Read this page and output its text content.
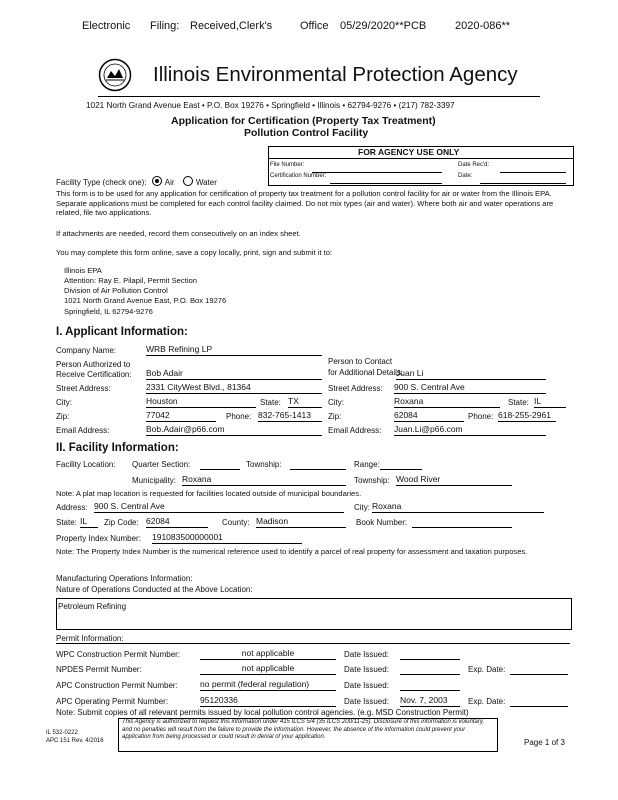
Electronic Filing: Received,Clerk's	Office 05/29/2020**PCB	2020-086**
Illinois Environmental Protection Agency
1021 North Grand Avenue East • P.O. Box 19276 • Springfield • Illinois • 62794-9276 • (217) 782-3397
Application for Certification (Property Tax Treatment)
Pollution Control Facility
FOR AGENCY USE ONLY
File Number:	Date Rec'd:
Certification Number:	Date:
Facility Type (check one): Air	Water
This form is to be used for any application for certification of property tax treatment for a pollution control facility for air or water from the Illinois EPA. Separate applications must be completed for each control facility claimed. Do not mix types (air and water). Where both air and water operations are related, file two applications.
If attachments are needed, record them consecutively on an index sheet.
You may complete this form online, save a copy locally, print, sign and submit it to:
Illinois EPA
Attention: Ray E. Pilapil, Permit Section
Division of Air Pollution Control
1021 North Grand Avenue East, P.O. Box 19276
Springfield, IL 62794-9276
I. Applicant Information:
Company Name:	WRB Refining LP
Person Authorized to
Receive Certification: Bob Adair
Person to Contact
for Additional Details:
Juan Li
Street Address:	2331 CityWest Blvd., 81364	Street Address: 900 S. Central Ave
City:	Houston	State: TX	City:	Roxana	State: IL
Zip:	77042	Phone: 832-765-1413	Zip:	62084	Phone: 618-255-2961
Email Address:	Bob.Adair@p66.com	Email Address: Juan.Li@p66.com
II. Facility Information:
Facility Location: Quarter Section:	Township:	Range:
Municipality: Roxana	Township: Wood River
Note: A plat map location is requested for facilities located outside of municipal boundaries.
Address: 900 S. Central Ave	City: Roxana
State: IL	Zip Code: 62084	County: Madison	Book Number:
Property Index Number: 191083500000001
Note: The Property Index Number is the numerical reference used to identify a parcel of real property for assessment and taxation purposes.
Manufacturing Operations Information:
Nature of Operations Conducted at the Above Location:
Petroleum Refining
Permit Information:
WPC Construction Permit Number:	not applicable	Date Issued:
NPDES Permit Number:	not applicable	Date Issued:	Exp. Date:
APC Construction Permit Number:	no permit (federal regulation)	Date Issued:
APC Operating Permit Number:	95120336	Date Issued: Nov. 7, 2003	Exp. Date:
Note: Submit copies of all relevant permits issued by local pollution control agencies. (e.g. MSD Construction Permit)
IL 532-0222
APC 151 Rev. 4/2016
This Agency is authorized to request this information under 415 ILCS 5/4 (35 ILCS 200/11-25). Disclosure of this information is voluntary, and no penalties will result from the failure to provide the information. However, the absence of the information could prevent your application from being processed or could result in denial of your application.
Page 1 of 3
